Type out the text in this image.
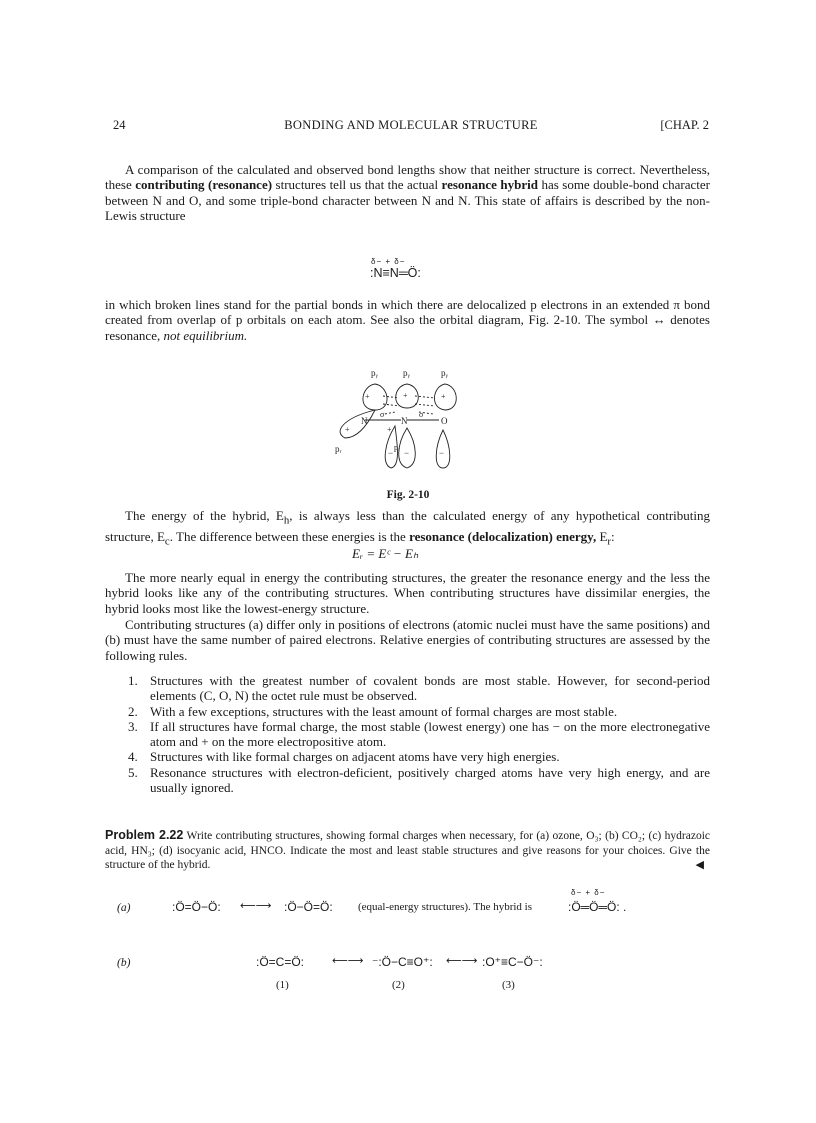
24	BONDING AND MOLECULAR STRUCTURE	[CHAP. 2
A comparison of the calculated and observed bond lengths show that neither structure is correct. Nevertheless, these contributing (resonance) structures tell us that the actual resonance hybrid has some double-bond character between N and O, and some triple-bond character between N and N. This state of affairs is described by the non-Lewis structure
δ− + δ−
:N≡N═Ö:
in which broken lines stand for the partial bonds in which there are delocalized p electrons in an extended π bond created from overlap of p orbitals on each atom. See also the orbital diagram, Fig. 2-10. The symbol ↔ denotes resonance, not equilibrium.
pᵧ	pᵧ	pᵧ
+	+	+
σ	σ
N	N	O
+	+
− −	−
pᵣ	pᵣ
Fig. 2-10
The energy of the hybrid, $E_h$, is always less than the calculated energy of any hypothetical contributing structure, $E_c$. The difference between these energies is the resonance (delocalization) energy, $E_r$:
Eᵣ = Eᶜ − Eₕ
The more nearly equal in energy the contributing structures, the greater the resonance energy and the less the hybrid looks like any of the contributing structures. When contributing structures have dissimilar energies, the hybrid looks most like the lowest-energy structure.
Contributing structures (a) differ only in positions of electrons (atomic nuclei must have the same positions) and (b) must have the same number of paired electrons. Relative energies of contributing structures are assessed by the following rules.
1. Structures with the greatest number of covalent bonds are most stable. However, for second-period elements (C, O, N) the octet rule must be observed.
2. With a few exceptions, structures with the least amount of formal charges are most stable.
3. If all structures have formal charge, the most stable (lowest energy) one has − on the more electronegative atom and + on the more electropositive atom.
4. Structures with like formal charges on adjacent atoms have very high energies.
5. Resonance structures with electron-deficient, positively charged atoms have very high energy, and are usually ignored.
Problem 2.22 Write contributing structures, showing formal charges when necessary, for (a) ozone, O₃; (b) CO₂; (c) hydrazoic acid, HN₃; (d) isocyanic acid, HNCO. Indicate the most and least stable structures and give reasons for your choices. Give the structure of the hybrid.	◀
(a)	:Ö=Ö−Ö: ⟵⟶ :Ö−Ö=Ö: (equal-energy structures). The hybrid is
δ− + δ−
:Ö═Ö═Ö: .
(b)	:Ö=C=Ö:	⟵⟶ ⁻:Ö−C≡O⁺: ⟵⟶ :O⁺≡C−Ö⁻:
(1)	(2)	(3)
